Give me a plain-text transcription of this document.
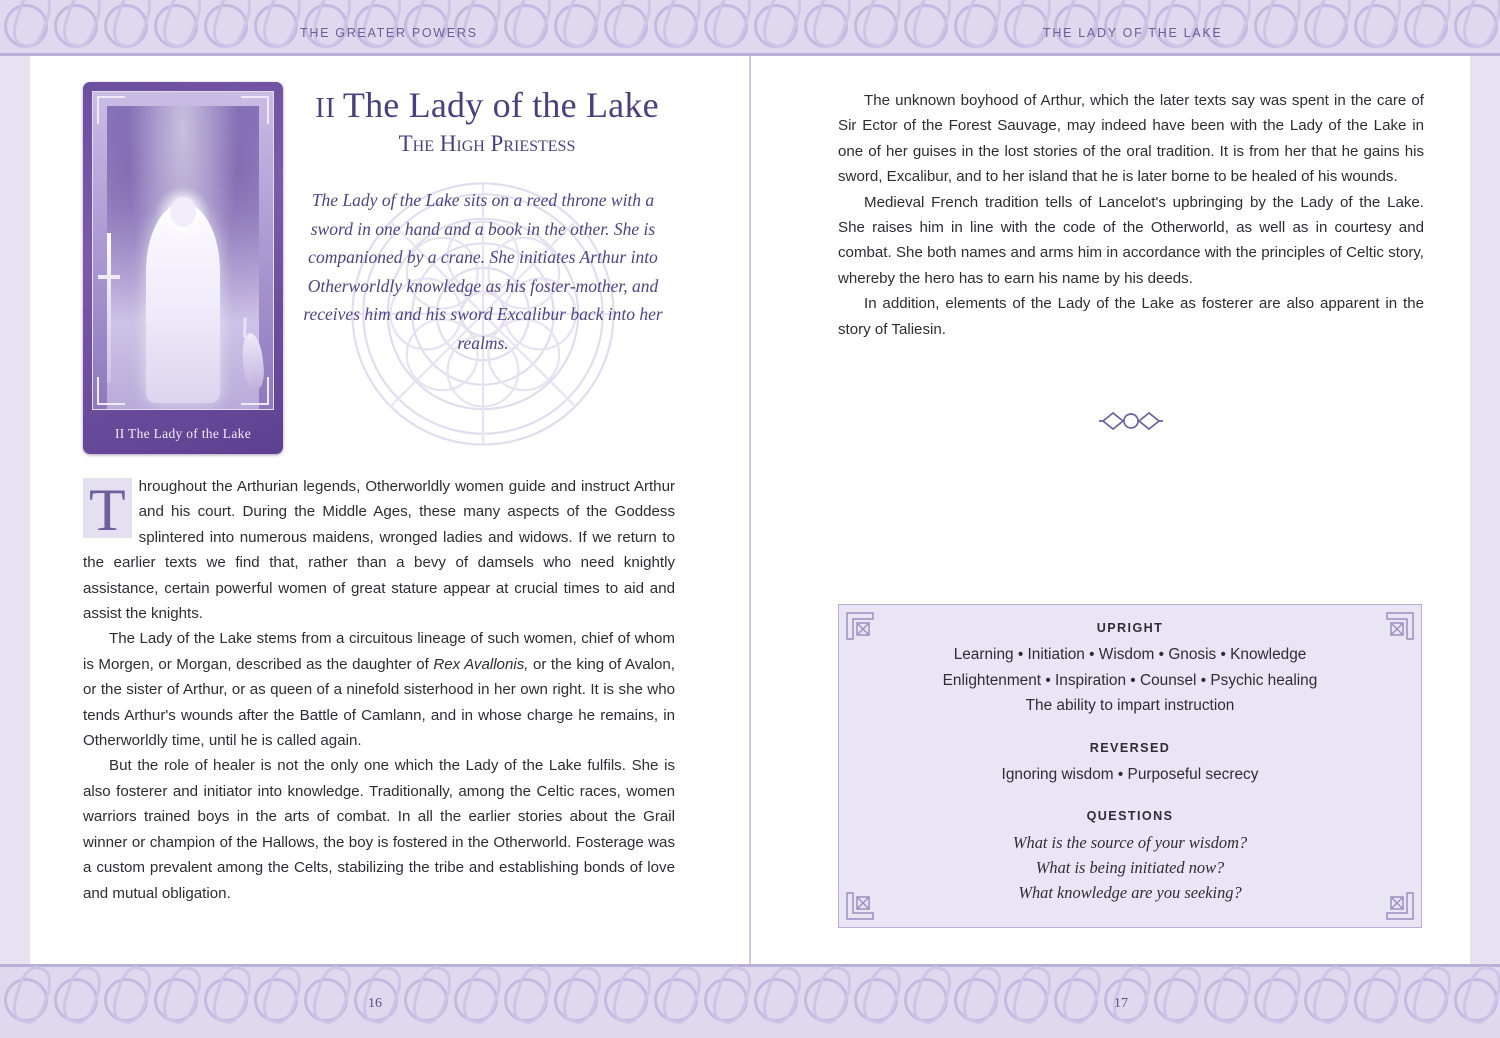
THE GREATER POWERS	THE LADY OF THE LAKE
16	17
II The Lady of the Lake
II The Lady of the Lake
The High Priestess
The Lady of the Lake sits on a reed throne with a sword in one hand and a book in the other. She is companioned by a crane. She initiates Arthur into Otherworldly knowledge as his foster-mother, and receives him and his sword Excalibur back into her realms.

T hroughout the Arthurian legends, Otherworldly women guide and instruct Arthur and his court. During the Middle Ages, these many aspects of the Goddess splintered into numerous maidens, wronged ladies and widows. If we return to the earlier texts we find that, rather than a bevy of damsels who need knightly assistance, certain powerful women of great stature appear at crucial times to aid and assist the knights.

The Lady of the Lake stems from a circuitous lineage of such women, chief of whom is Morgen, or Morgan, described as the daughter of Rex Avallonis, or the king of Avalon, or the sister of Arthur, or as queen of a ninefold sisterhood in her own right. It is she who tends Arthur's wounds after the Battle of Camlann, and in whose charge he remains, in Otherworldly time, until he is called again.

But the role of healer is not the only one which the Lady of the Lake fulfils. She is also fosterer and initiator into knowledge. Traditionally, among the Celtic races, women warriors trained boys in the arts of combat. In all the earlier stories about the Grail winner or champion of the Hallows, the boy is fostered in the Otherworld. Fosterage was a custom prevalent among the Celts, stabilizing the tribe and establishing bonds of love and mutual obligation.

The unknown boyhood of Arthur, which the later texts say was spent in the care of Sir Ector of the Forest Sauvage, may indeed have been with the Lady of the Lake in one of her guises in the lost stories of the oral tradition. It is from her that he gains his sword, Excalibur, and to her island that he is later borne to be healed of his wounds.

Medieval French tradition tells of Lancelot's upbringing by the Lady of the Lake. She raises him in line with the code of the Otherworld, as well as in courtesy and combat. She both names and arms him in accordance with the principles of Celtic story, whereby the hero has to earn his name by his deeds.

In addition, elements of the Lady of the Lake as fosterer are also apparent in the story of Taliesin.

UPRIGHT
Learning • Initiation • Wisdom • Gnosis • Knowledge
Enlightenment • Inspiration • Counsel • Psychic healing
The ability to impart instruction
REVERSED
Ignoring wisdom • Purposeful secrecy
QUESTIONS
What is the source of your wisdom?
What is being initiated now?
What knowledge are you seeking?
